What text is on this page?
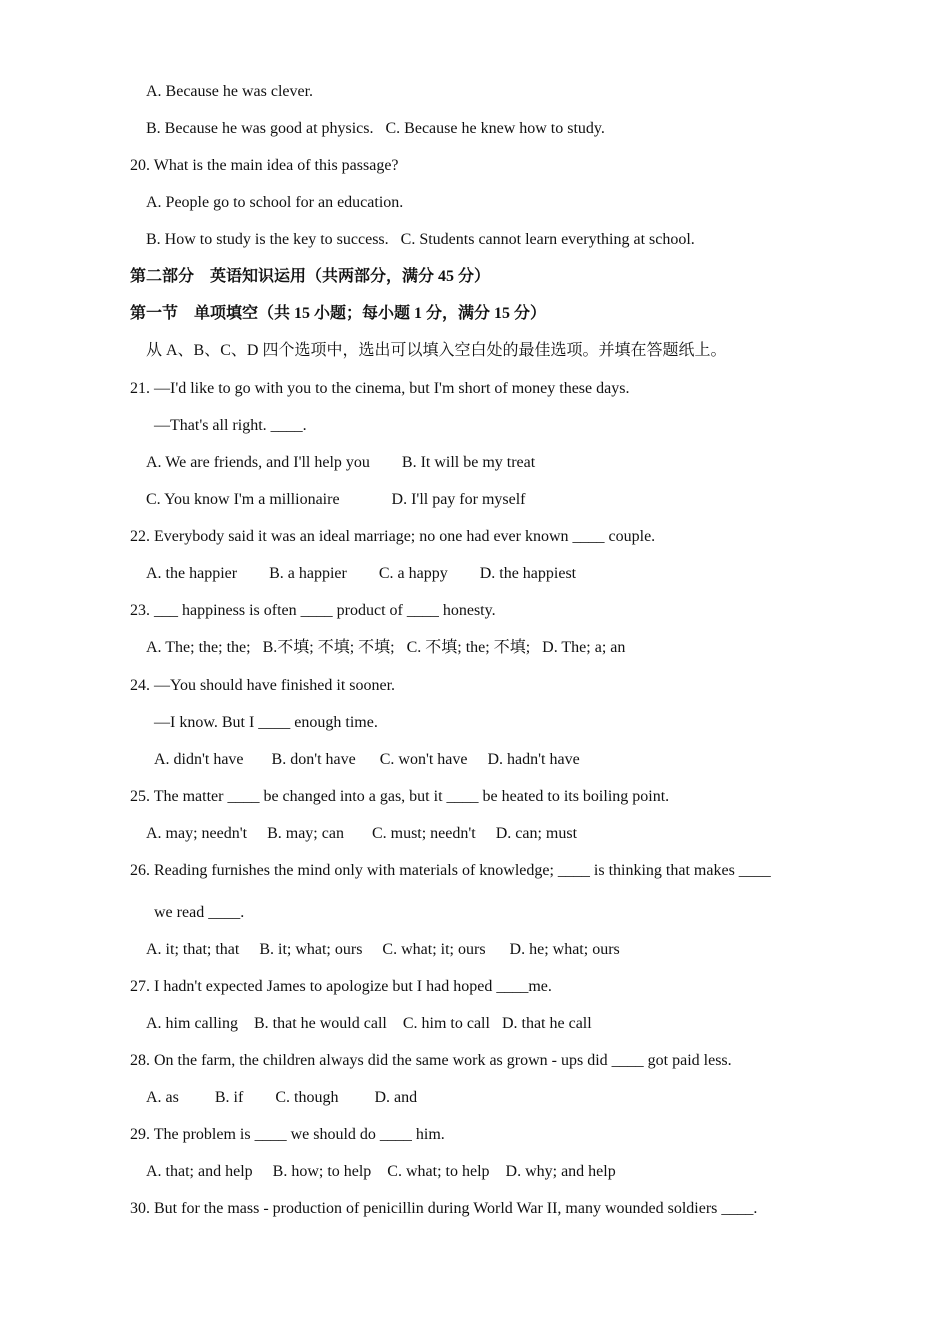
A. Because he was clever.
B. Because he was good at physics.   C. Because he knew how to study.
20. What is the main idea of this passage?
A. People go to school for an education.
B. How to study is the key to success.   C. Students cannot learn everything at school.
第二部分    英语知识运用（共两部分，满分 45 分）
第一节    单项填空（共 15 小题；每小题 1 分，满分 15 分）
从 A、B、C、D 四个选项中，选出可以填入空白处的最佳选项。并填在答题纸上。
21. —I'd like to go with you to the cinema, but I'm short of money these days.
—That's all right. ____.
A. We are friends, and I'll help you        B. It will be my treat
C. You know I'm a millionaire             D. I'll pay for myself
22. Everybody said it was an ideal marriage; no one had ever known ____ couple.
A. the happier        B. a happier        C. a happy        D. the happiest
23. ___ happiness is often ____ product of ____ honesty.
A. The; the; the;   B.不填; 不填; 不填;   C. 不填; the; 不填;   D. The; a; an
24. —You should have finished it sooner.
—I know. But I ____ enough time.
A. didn't have       B. don't have      C. won't have     D. hadn't have
25. The matter ____ be changed into a gas, but it ____ be heated to its boiling point.
A. may; needn't     B. may; can       C. must; needn't     D. can; must
26. Reading furnishes the mind only with materials of knowledge; ____ is thinking that makes ____
we read ____.
A. it; that; that     B. it; what; ours     C. what; it; ours      D. he; what; ours
27. I hadn't expected James to apologize but I had hoped ____me.
A. him calling    B. that he would call    C. him to call   D. that he call
28. On the farm, the children always did the same work as grown - ups did ____ got paid less.
A. as         B. if        C. though         D. and
29. The problem is ____ we should do ____ him.
A. that; and help     B. how; to help    C. what; to help    D. why; and help
30. But for the mass - production of penicillin during World War II, many wounded soldiers ____.
